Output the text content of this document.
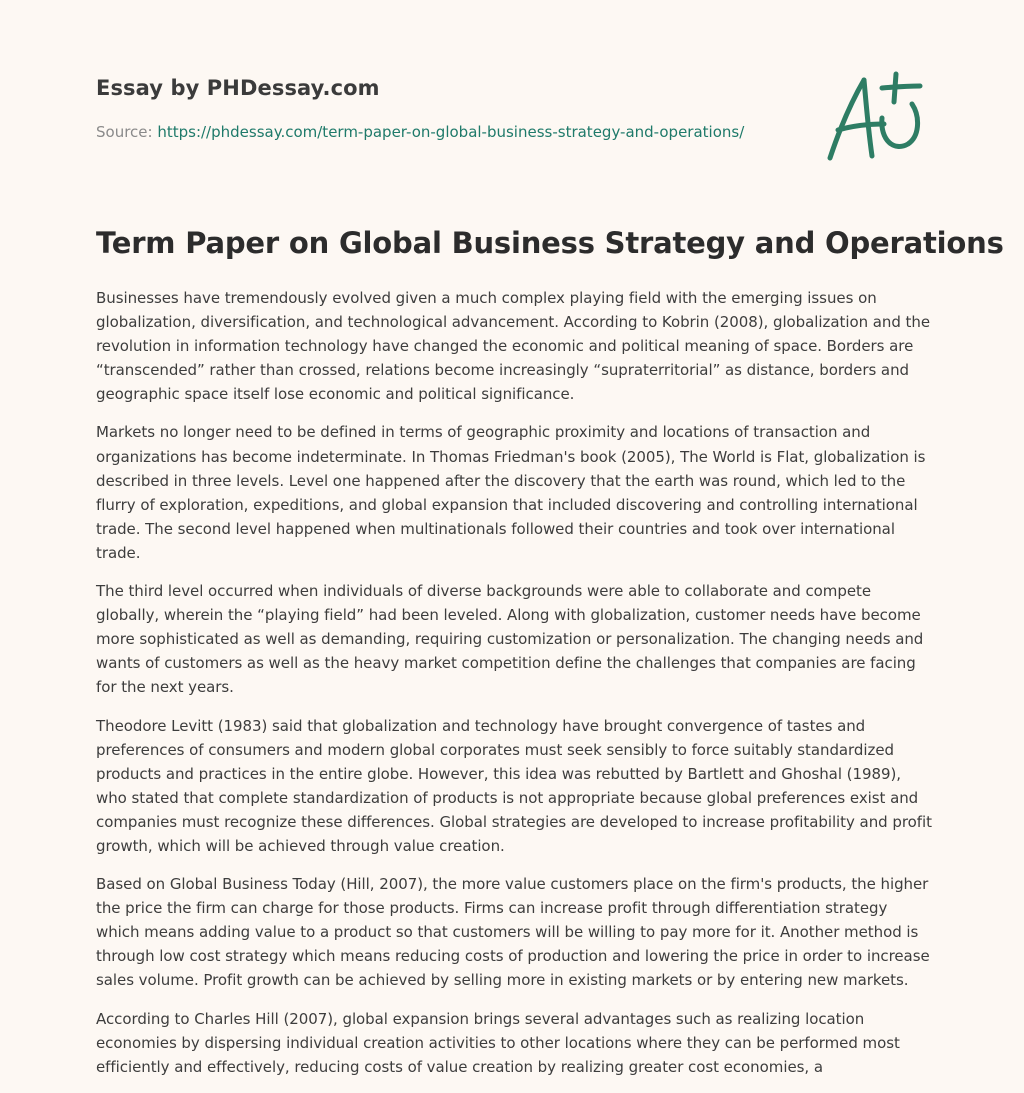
Essay by PHDessay.com
Source: https://phdessay.com/term-paper-on-global-business-strategy-and-operations/
Term Paper on Global Business Strategy and Operations

Businesses have tremendously evolved given a much complex playing field with the emerging issues on globalization, diversification, and technological advancement. According to Kobrin (2008), globalization and the revolution in information technology have changed the economic and political meaning of space. Borders are “transcended” rather than crossed, relations become increasingly “supraterritorial” as distance, borders and geographic space itself lose economic and political significance.

Markets no longer need to be defined in terms of geographic proximity and locations of transaction and organizations has become indeterminate. In Thomas Friedman's book (2005), The World is Flat, globalization is described in three levels. Level one happened after the discovery that the earth was round, which led to the flurry of exploration, expeditions, and global expansion that included discovering and controlling international trade. The second level happened when multinationals followed their countries and took over international trade.

The third level occurred when individuals of diverse backgrounds were able to collaborate and compete globally, wherein the “playing field” had been leveled. Along with globalization, customer needs have become more sophisticated as well as demanding, requiring customization or personalization. The changing needs and wants of customers as well as the heavy market competition define the challenges that companies are facing for the next years.

Theodore Levitt (1983) said that globalization and technology have brought convergence of tastes and preferences of consumers and modern global corporates must seek sensibly to force suitably standardized products and practices in the entire globe. However, this idea was rebutted by Bartlett and Ghoshal (1989), who stated that complete standardization of products is not appropriate because global preferences exist and companies must recognize these differences. Global strategies are developed to increase profitability and profit growth, which will be achieved through value creation.

Based on Global Business Today (Hill, 2007), the more value customers place on the firm's products, the higher the price the firm can charge for those products. Firms can increase profit through differentiation strategy which means adding value to a product so that customers will be willing to pay more for it. Another method is through low cost strategy which means reducing costs of production and lowering the price in order to increase sales volume. Profit growth can be achieved by selling more in existing markets or by entering new markets.

According to Charles Hill (2007), global expansion brings several advantages such as realizing location economies by dispersing individual creation activities to other locations where they can be performed most efficiently and effectively, reducing costs of value creation by realizing greater cost economies, a
